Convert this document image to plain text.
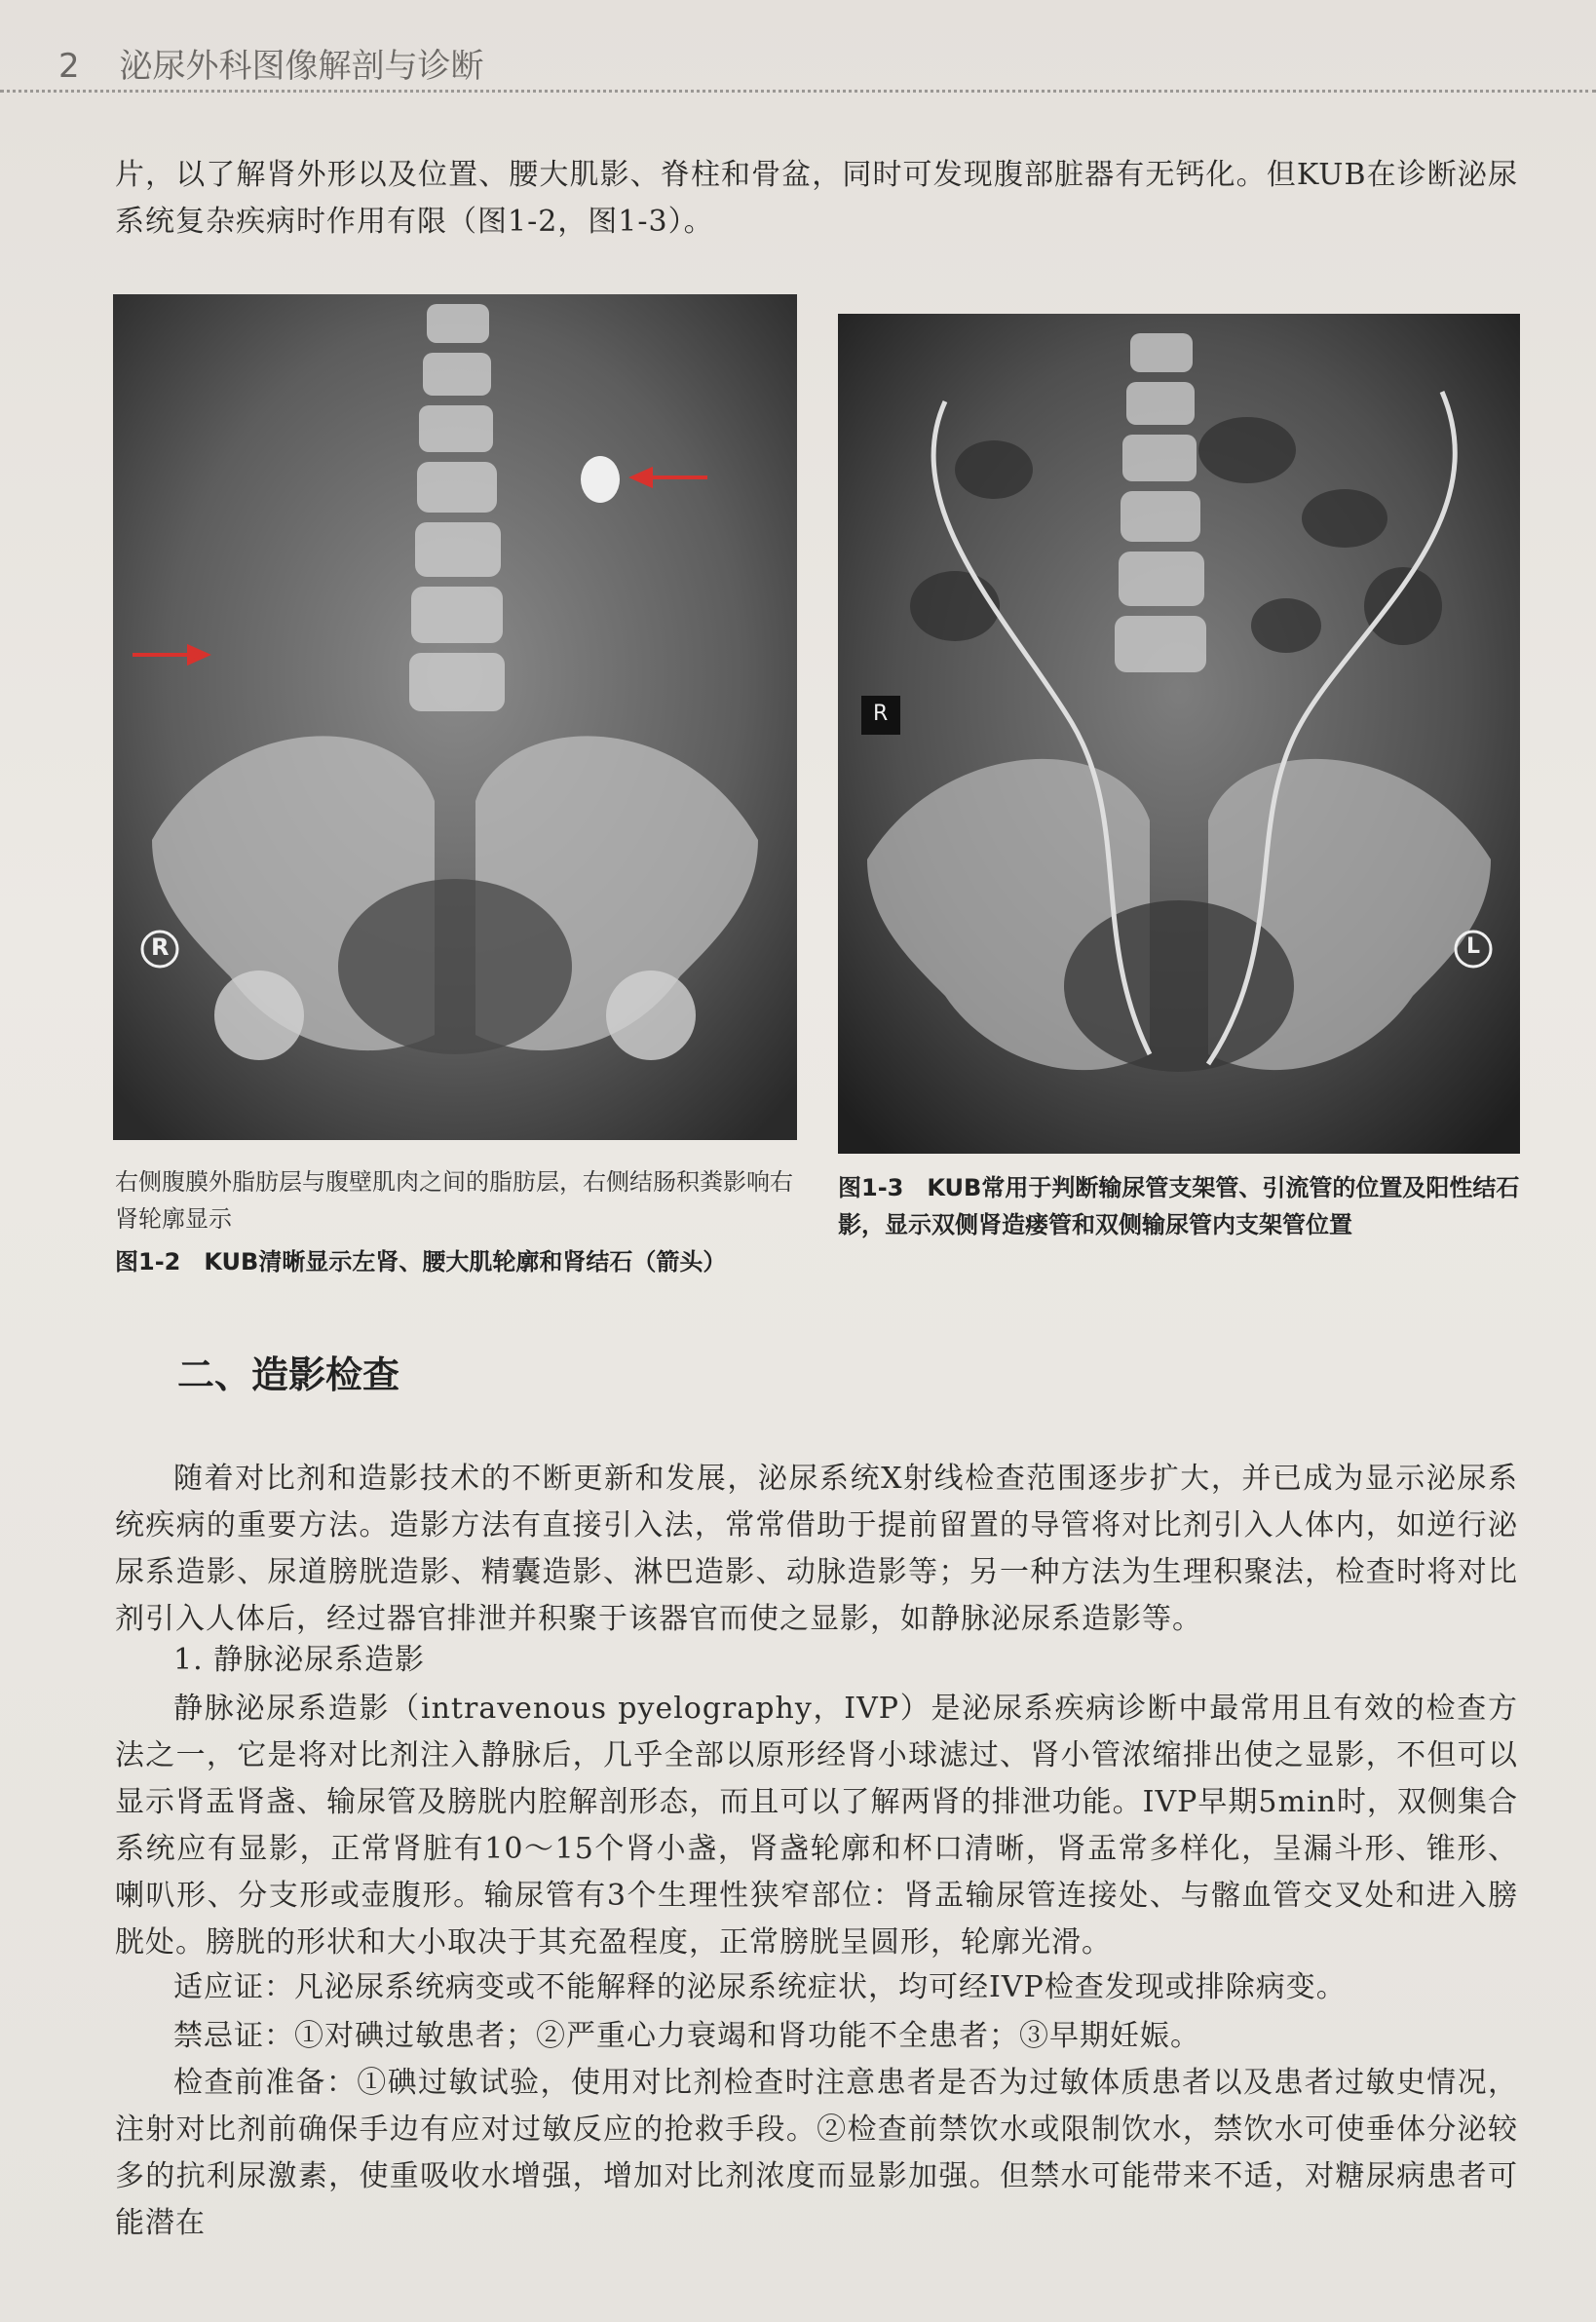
2 泌尿外科图像解剖与诊断
片，以了解肾外形以及位置、腰大肌影、脊柱和骨盆，同时可发现腹部脏器有无钙化。但KUB在诊断泌尿系统复杂疾病时作用有限（图1-2，图1-3）。
R
R
L
右侧腹膜外脂肪层与腹壁肌肉之间的脂肪层，右侧结肠积粪影响右肾轮廓显示
图1-2　KUB清晰显示左肾、腰大肌轮廓和肾结石（箭头）
图1-3　KUB常用于判断输尿管支架管、引流管的位置及阳性结石影，显示双侧肾造瘘管和双侧输尿管内支架管位置
二、造影检查
随着对比剂和造影技术的不断更新和发展，泌尿系统X射线检查范围逐步扩大，并已成为显示泌尿系统疾病的重要方法。造影方法有直接引入法，常常借助于提前留置的导管将对比剂引入人体内，如逆行泌尿系造影、尿道膀胱造影、精囊造影、淋巴造影、动脉造影等；另一种方法为生理积聚法，检查时将对比剂引入人体后，经过器官排泄并积聚于该器官而使之显影，如静脉泌尿系造影等。
1. 静脉泌尿系造影
静脉泌尿系造影（intravenous pyelography，IVP）是泌尿系疾病诊断中最常用且有效的检查方法之一，它是将对比剂注入静脉后，几乎全部以原形经肾小球滤过、肾小管浓缩排出使之显影，不但可以显示肾盂肾盏、输尿管及膀胱内腔解剖形态，而且可以了解两肾的排泄功能。IVP早期5min时，双侧集合系统应有显影，正常肾脏有10～15个肾小盏，肾盏轮廓和杯口清晰，肾盂常多样化，呈漏斗形、锥形、喇叭形、分支形或壶腹形。输尿管有3个生理性狭窄部位：肾盂输尿管连接处、与髂血管交叉处和进入膀胱处。膀胱的形状和大小取决于其充盈程度，正常膀胱呈圆形，轮廓光滑。
适应证：凡泌尿系统病变或不能解释的泌尿系统症状，均可经IVP检查发现或排除病变。
禁忌证：①对碘过敏患者；②严重心力衰竭和肾功能不全患者；③早期妊娠。
检查前准备：①碘过敏试验，使用对比剂检查时注意患者是否为过敏体质患者以及患者过敏史情况，注射对比剂前确保手边有应对过敏反应的抢救手段。②检查前禁饮水或限制饮水，禁饮水可使垂体分泌较多的抗利尿激素，使重吸收水增强，增加对比剂浓度而显影加强。但禁水可能带来不适，对糖尿病患者可能潜在
